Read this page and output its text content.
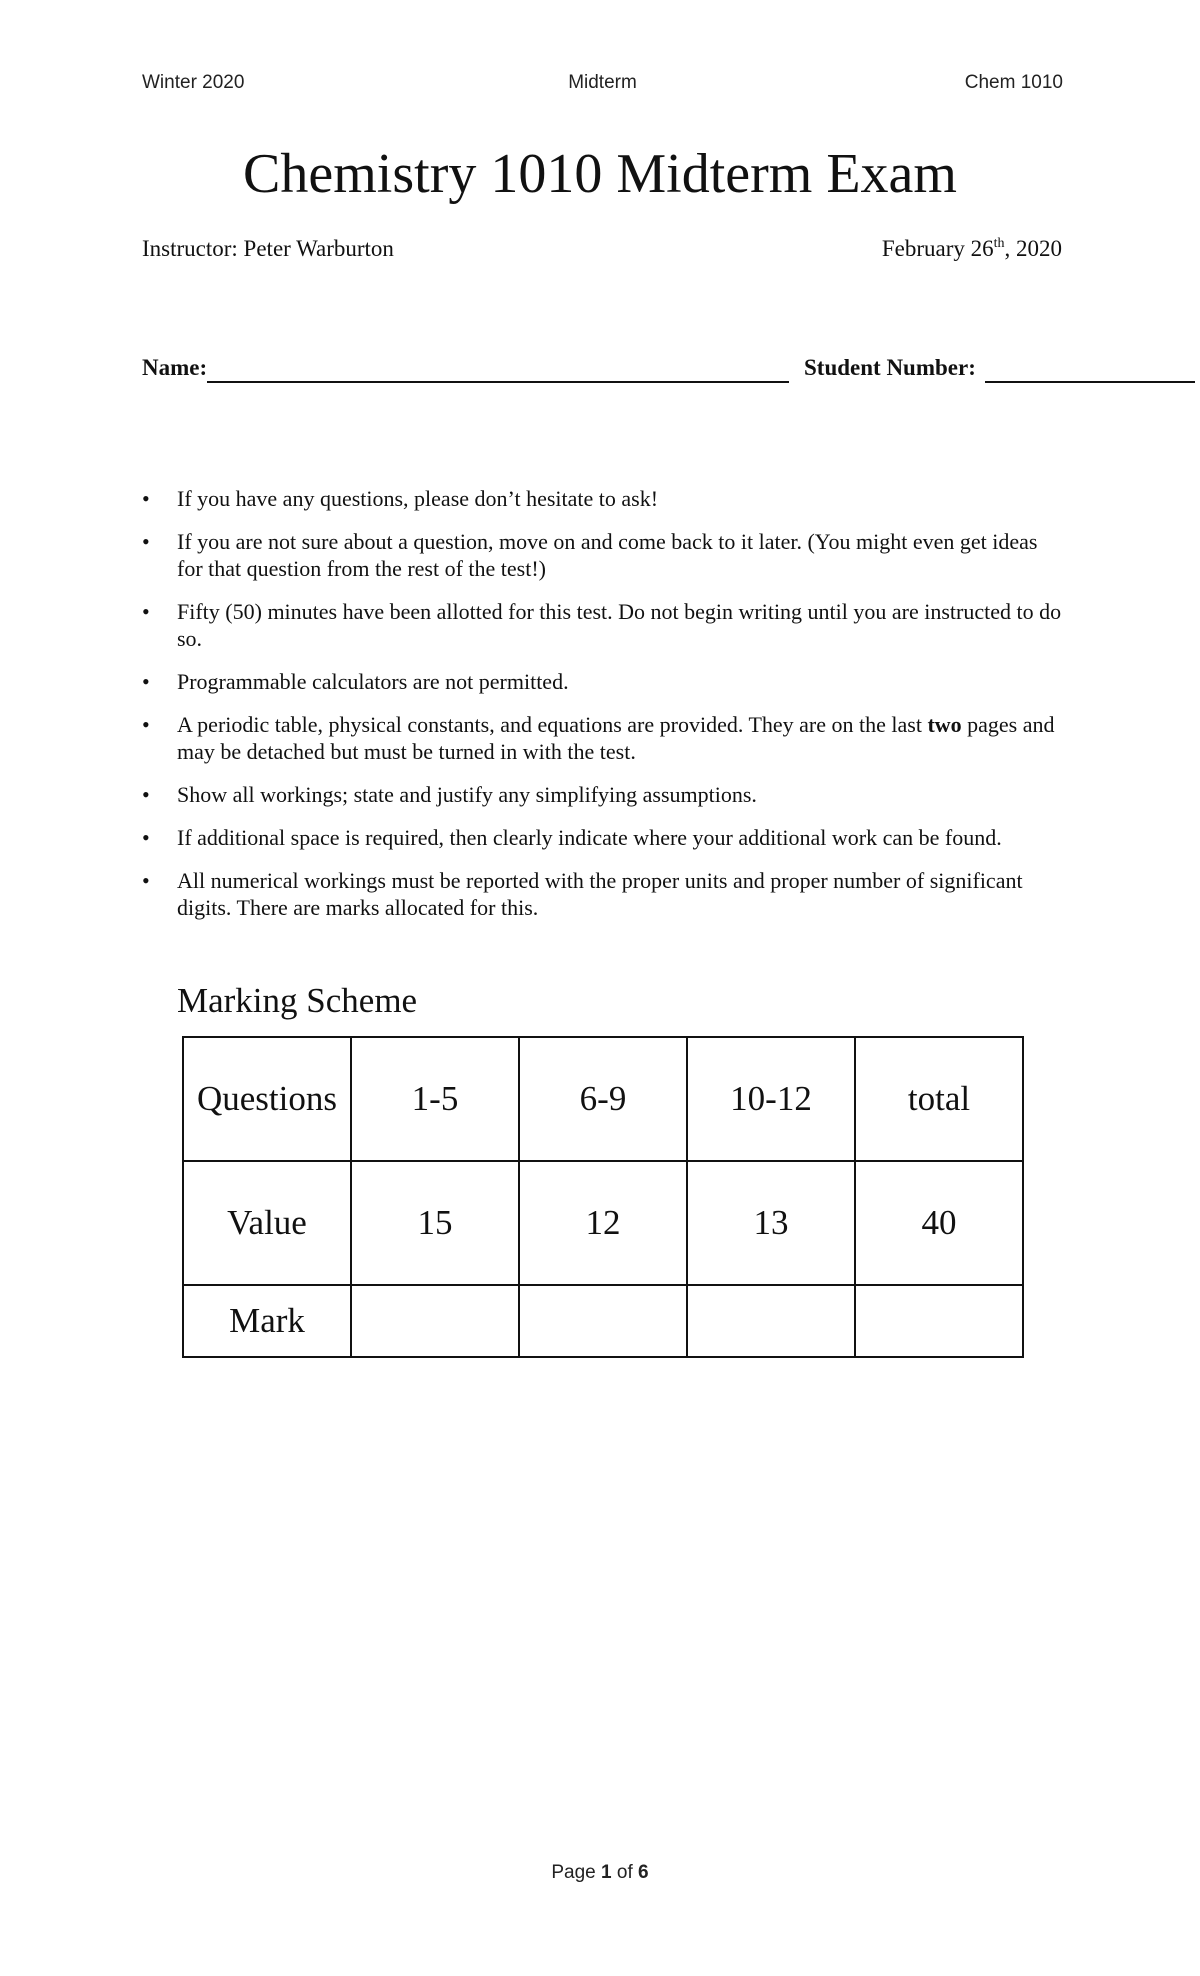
Winter 2020	Midterm	Chem 1010
Chemistry 1010 Midterm Exam
Instructor: Peter Warburton	February 26th, 2020
Name:	Student Number:
• If you have any questions, please don’t hesitate to ask!
• If you are not sure about a question, move on and come back to it later. (You might even get ideas for that question from the rest of the test!)
• Fifty (50) minutes have been allotted for this test. Do not begin writing until you are instructed to do so.
• Programmable calculators are not permitted.
• A periodic table, physical constants, and equations are provided. They are on the last two pages and may be detached but must be turned in with the test.
• Show all workings; state and justify any simplifying assumptions.
• If additional space is required, then clearly indicate where your additional work can be found.
• All numerical workings must be reported with the proper units and proper number of significant digits. There are marks allocated for this.
Marking Scheme
Questions	1-5	6-9	10-12	total
Value	15	12	13	40
Mark				
Page 1 of 6
